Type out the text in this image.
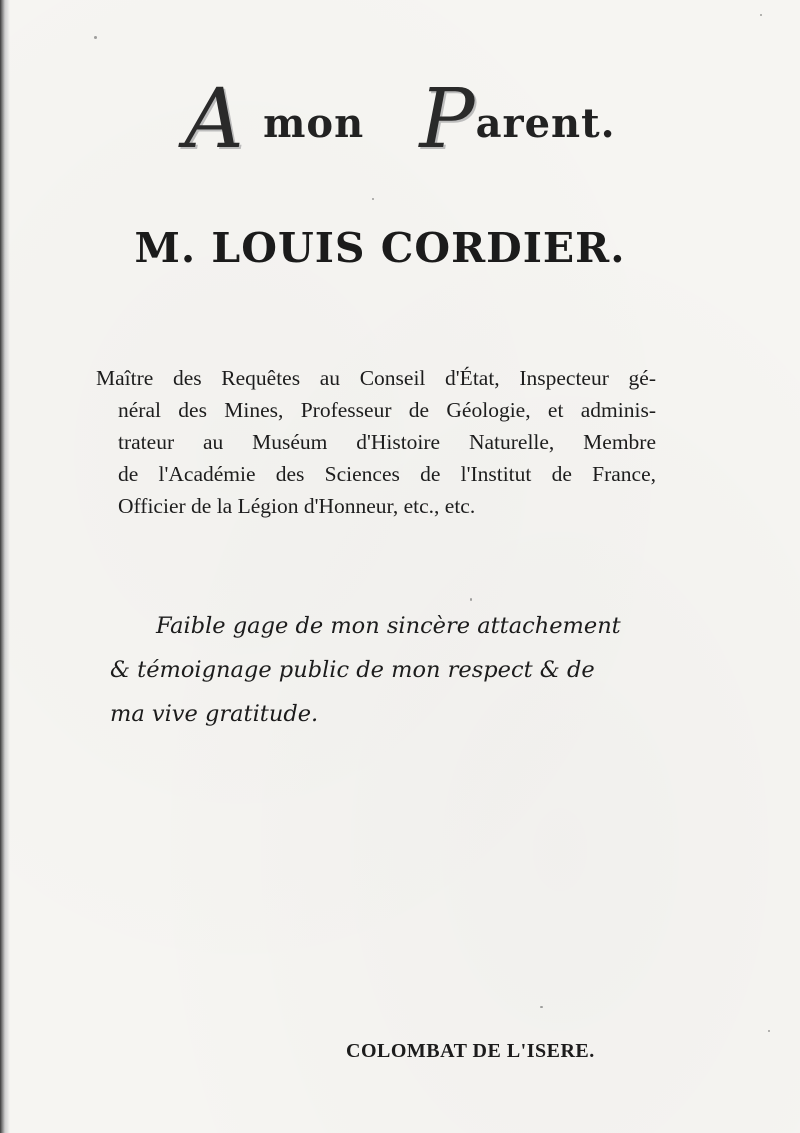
A mon Parent.
M. LOUIS CORDIER.
Maître des Requêtes au Conseil d'État, Inspecteur gé-
néral des Mines, Professeur de Géologie, et adminis-
trateur au Muséum d'Histoire Naturelle, Membre
de l'Académie des Sciences de l'Institut de France,
Officier de la Légion d'Honneur, etc., etc.
Faible gage de mon sincère attachement
& témoignage public de mon respect & de
ma vive gratitude.
COLOMBAT DE L'ISERE.
